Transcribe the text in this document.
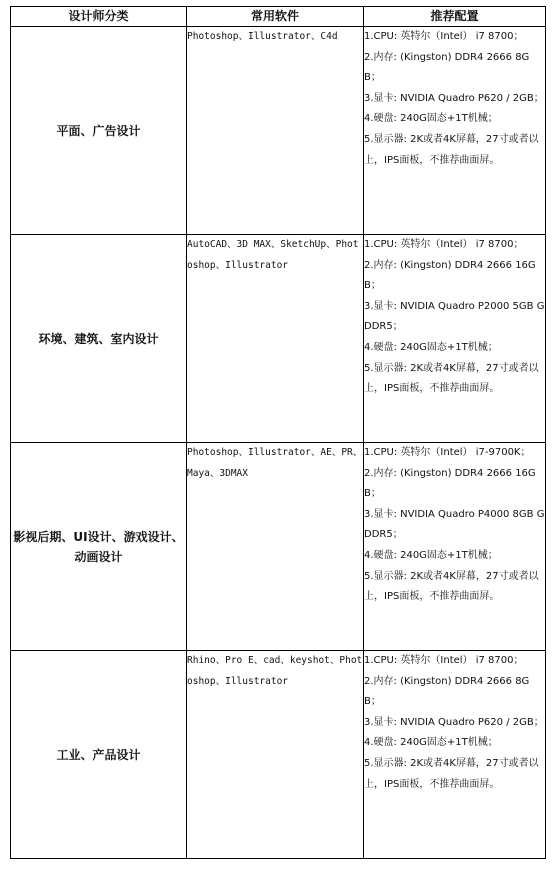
设计师分类	常用软件	推荐配置
平面、广告设计	Photoshop、Illustrator、C4d	1.CPU: 英特尔（Intel） i7 8700；
2.内存: (Kingston) DDR4 2666 8GB；
3.显卡: NVIDIA Quadro P620 / 2GB；
4.硬盘: 240G固态+1T机械；
5.显示器: 2K或者4K屏幕，27寸或者以上，IPS面板，不推荐曲面屏。

环境、建筑、室内设计	AutoCAD、3D MAX、SketchUp、Photoshop、Illustrator	1.CPU: 英特尔（Intel） i7 8700；
2.内存: (Kingston) DDR4 2666 16GB；
3.显卡: NVIDIA Quadro P2000 5GB GDDR5；
4.硬盘: 240G固态+1T机械；
5.显示器: 2K或者4K屏幕，27寸或者以上，IPS面板，不推荐曲面屏。

影视后期、UI设计、游戏设计、动画设计	Photoshop、Illustrator、AE、PR、Maya、3DMAX	1.CPU: 英特尔（Intel） i7-9700K；
2.内存: (Kingston) DDR4 2666 16GB；
3.显卡: NVIDIA Quadro P4000 8GB GDDR5；
4.硬盘: 240G固态+1T机械；
5.显示器: 2K或者4K屏幕，27寸或者以上，IPS面板，不推荐曲面屏。

工业、产品设计	Rhino、Pro E、cad、keyshot、Photoshop、Illustrator	1.CPU: 英特尔（Intel） i7 8700；
2.内存: (Kingston) DDR4 2666 8GB；
3.显卡: NVIDIA Quadro P620 / 2GB；
4.硬盘: 240G固态+1T机械；
5.显示器: 2K或者4K屏幕，27寸或者以上，IPS面板，不推荐曲面屏。
